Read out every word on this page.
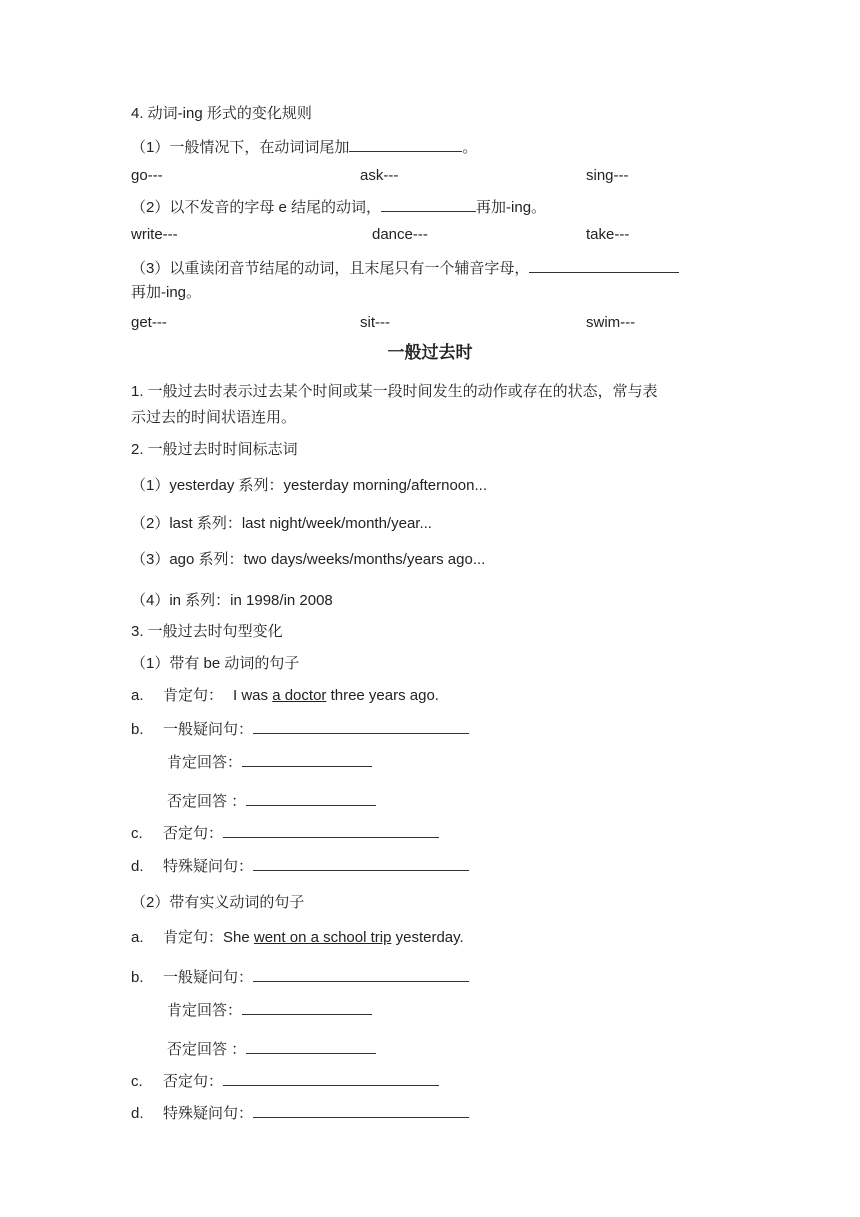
4. 动词-ing 形式的变化规则
（1）一般情况下，在动词词尾加	。
go---	ask---	sing---
（2）以不发音的字母 e 结尾的动词，	再加-ing。
write---	dance---	take---
（3）以重读闭音节结尾的动词，且末尾只有一个辅音字母，
再加-ing。
get---	sit---	swim---
一般过去时
1. 一般过去时表示过去某个时间或某一段时间发生的动作或存在的状态，常与表
示过去的时间状语连用。
2. 一般过去时时间标志词
（1）yesterday 系列：yesterday morning/afternoon...
（2）last 系列：last night/week/month/year...
（3）ago 系列：two days/weeks/months/years ago...
（4）in 系列：in 1998/in 2008
3. 一般过去时句型变化
（1）带有 be 动词的句子
a. 肯定句： I was a doctor three years ago.
b. 一般疑问句：
肯定回答：
否定回答 ：
c. 否定句：
d. 特殊疑问句：
（2）带有实义动词的句子
a. 肯定句：She went on a school trip yesterday.
b. 一般疑问句：
肯定回答：
否定回答 ：
c. 否定句：
d. 特殊疑问句：
